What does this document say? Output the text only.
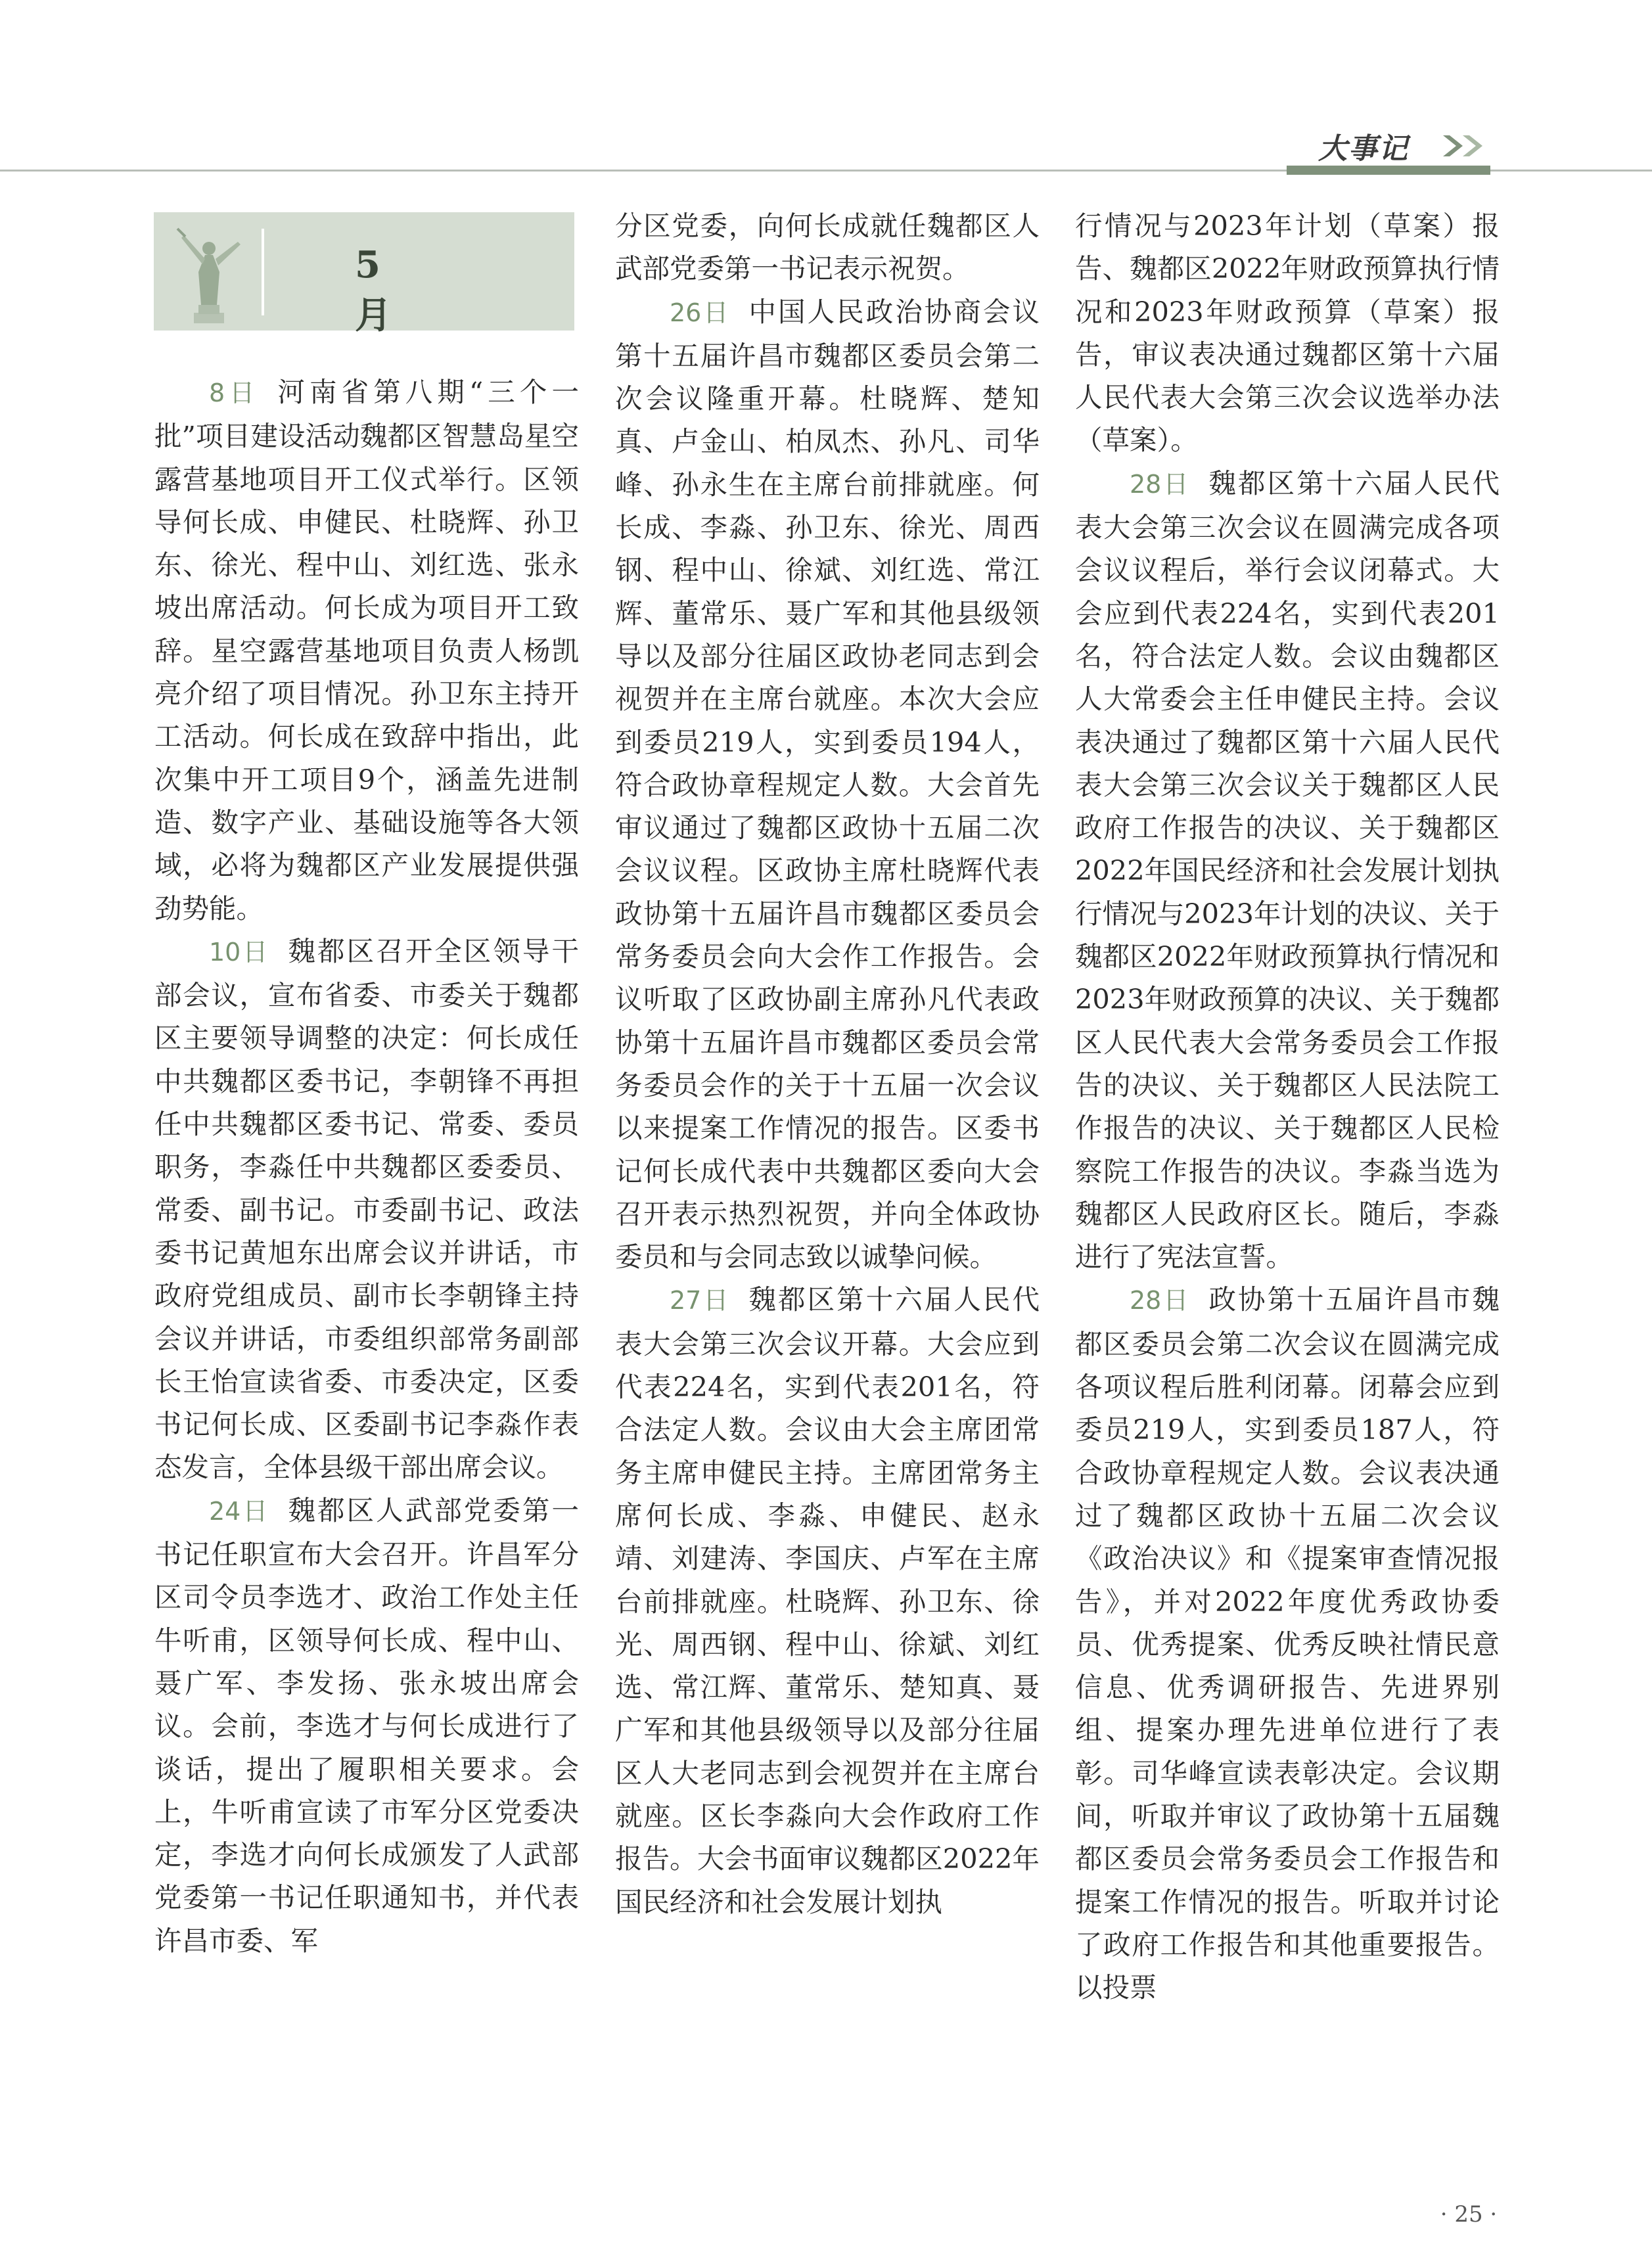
大事记
5 月

8日 河南省第八期“三个一批”项目建设活动魏都区智慧岛星空露营基地项目开工仪式举行。区领导何长成、申健民、杜晓辉、孙卫东、徐光、程中山、刘红选、张永坡出席活动。何长成为项目开工致辞。星空露营基地项目负责人杨凯亮介绍了项目情况。孙卫东主持开工活动。何长成在致辞中指出，此次集中开工项目9个，涵盖先进制造、数字产业、基础设施等各大领域，必将为魏都区产业发展提供强劲势能。

10日 魏都区召开全区领导干部会议，宣布省委、市委关于魏都区主要领导调整的决定：何长成任中共魏都区委书记，李朝锋不再担任中共魏都区委书记、常委、委员职务，李淼任中共魏都区委委员、常委、副书记。市委副书记、政法委书记黄旭东出席会议并讲话，市政府党组成员、副市长李朝锋主持会议并讲话，市委组织部常务副部长王怡宣读省委、市委决定，区委书记何长成、区委副书记李淼作表态发言，全体县级干部出席会议。

24日 魏都区人武部党委第一书记任职宣布大会召开。许昌军分区司令员李选才、政治工作处主任牛听甫，区领导何长成、程中山、聂广军、李发扬、张永坡出席会议。会前，李选才与何长成进行了谈话，提出了履职相关要求。会上，牛听甫宣读了市军分区党委决定，李选才向何长成颁发了人武部党委第一书记任职通知书，并代表许昌市委、军

分区党委，向何长成就任魏都区人武部党委第一书记表示祝贺。

26日 中国人民政治协商会议第十五届许昌市魏都区委员会第二次会议隆重开幕。杜晓辉、楚知真、卢金山、柏凤杰、孙凡、司华峰、孙永生在主席台前排就座。何长成、李淼、孙卫东、徐光、周西钢、程中山、徐斌、刘红选、常江辉、董常乐、聂广军和其他县级领导以及部分往届区政协老同志到会视贺并在主席台就座。本次大会应到委员219人，实到委员194人，符合政协章程规定人数。大会首先审议通过了魏都区政协十五届二次会议议程。区政协主席杜晓辉代表政协第十五届许昌市魏都区委员会常务委员会向大会作工作报告。会议听取了区政协副主席孙凡代表政协第十五届许昌市魏都区委员会常务委员会作的关于十五届一次会议以来提案工作情况的报告。区委书记何长成代表中共魏都区委向大会召开表示热烈祝贺，并向全体政协委员和与会同志致以诚挚问候。

27日 魏都区第十六届人民代表大会第三次会议开幕。大会应到代表224名，实到代表201名，符合法定人数。会议由大会主席团常务主席申健民主持。主席团常务主席何长成、李淼、申健民、赵永靖、刘建涛、李国庆、卢军在主席台前排就座。杜晓辉、孙卫东、徐光、周西钢、程中山、徐斌、刘红选、常江辉、董常乐、楚知真、聂广军和其他县级领导以及部分往届区人大老同志到会视贺并在主席台就座。区长李淼向大会作政府工作报告。大会书面审议魏都区2022年国民经济和社会发展计划执

行情况与2023年计划（草案）报告、魏都区2022年财政预算执行情况和2023年财政预算（草案）报告，审议表决通过魏都区第十六届人民代表大会第三次会议选举办法（草案）。

28日 魏都区第十六届人民代表大会第三次会议在圆满完成各项会议议程后，举行会议闭幕式。大会应到代表224名，实到代表201名，符合法定人数。会议由魏都区人大常委会主任申健民主持。会议表决通过了魏都区第十六届人民代表大会第三次会议关于魏都区人民政府工作报告的决议、关于魏都区2022年国民经济和社会发展计划执行情况与2023年计划的决议、关于魏都区2022年财政预算执行情况和2023年财政预算的决议、关于魏都区人民代表大会常务委员会工作报告的决议、关于魏都区人民法院工作报告的决议、关于魏都区人民检察院工作报告的决议。李淼当选为魏都区人民政府区长。随后，李淼进行了宪法宣誓。

28日 政协第十五届许昌市魏都区委员会第二次会议在圆满完成各项议程后胜利闭幕。闭幕会应到委员219人，实到委员187人，符合政协章程规定人数。会议表决通过了魏都区政协十五届二次会议《政治决议》和《提案审查情况报告》，并对2022年度优秀政协委员、优秀提案、优秀反映社情民意信息、优秀调研报告、先进界别组、提案办理先进单位进行了表彰。司华峰宣读表彰决定。会议期间，听取并审议了政协第十五届魏都区委员会常务委员会工作报告和提案工作情况的报告。听取并讨论了政府工作报告和其他重要报告。以投票

· 25 ·
